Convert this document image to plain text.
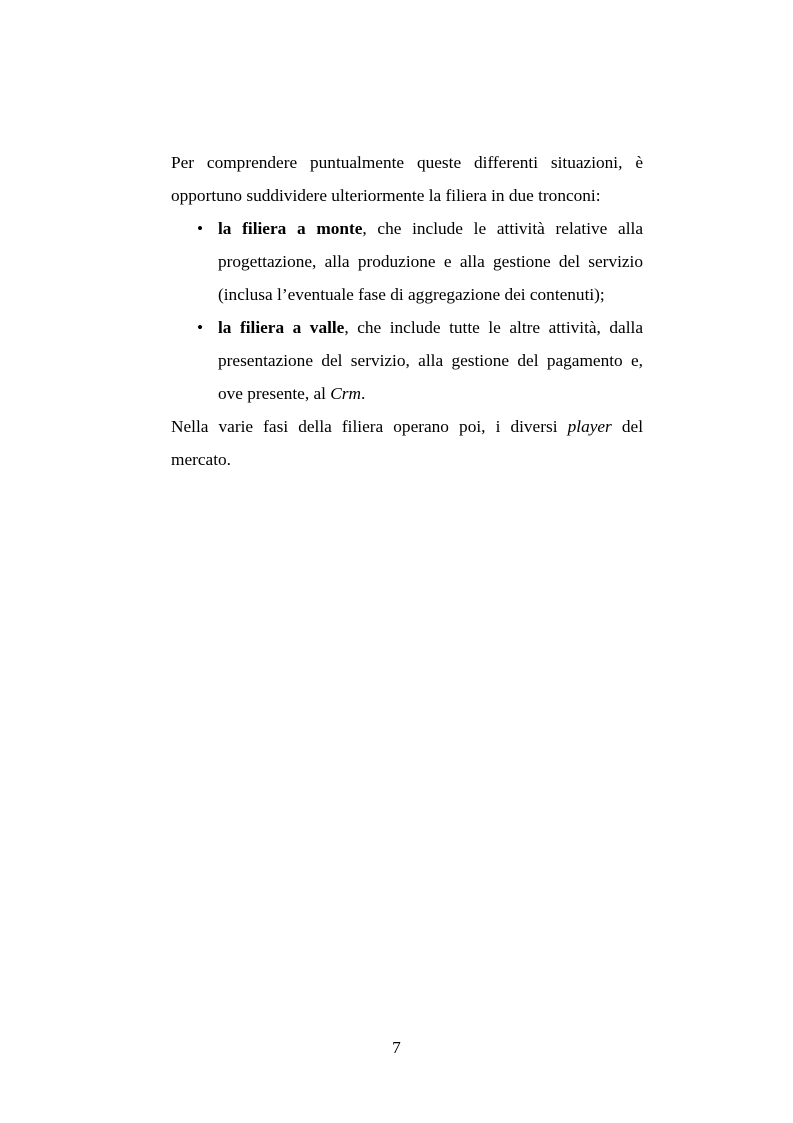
Per comprendere puntualmente queste differenti situazioni, è opportuno suddividere ulteriormente la filiera in due tronconi:

• la filiera a monte, che include le attività relative alla progettazione, alla produzione e alla gestione del servizio (inclusa l’eventuale fase di aggregazione dei contenuti);
• la filiera a valle, che include tutte le altre attività, dalla presentazione del servizio, alla gestione del pagamento e, ove presente, al Crm.

Nella varie fasi della filiera operano poi, i diversi player del mercato.

7
